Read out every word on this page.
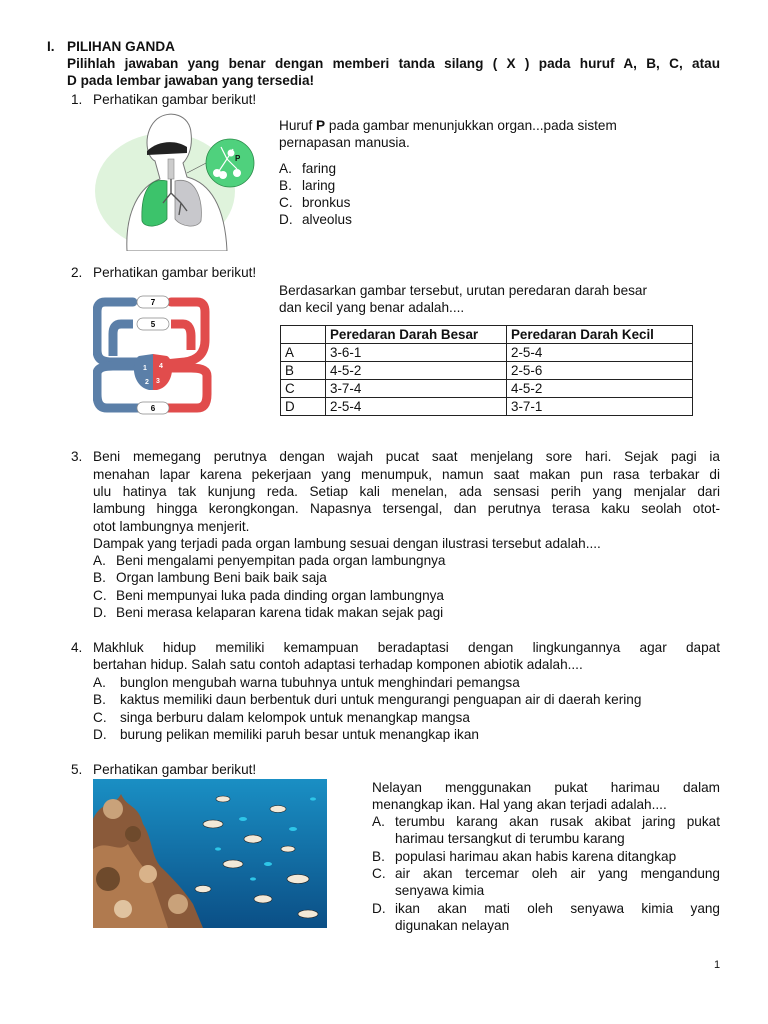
I. PILIHAN GANDA
Pilihlah jawaban yang benar dengan memberi tanda silang ( X ) pada huruf A, B, C, atau
D pada lembar jawaban yang tersedia!
1. Perhatikan gambar berikut!
P
Huruf P pada gambar menunjukkan organ...pada sistem
pernapasan manusia.
A. faring
B. laring
C. bronkus
D. alveolus
2. Perhatikan gambar berikut!
7
5
1 4
2 3
6
Berdasarkan gambar tersebut, urutan peredaran darah besar
dan kecil yang benar adalah....
	Peredaran Darah Besar	Peredaran Darah Kecil
A	3-6-1	2-5-4
B	4-5-2	2-5-6
C	3-7-4	4-5-2
D	2-5-4	3-7-1
3. Beni memegang perutnya dengan wajah pucat saat menjelang sore hari. Sejak pagi ia
menahan lapar karena pekerjaan yang menumpuk, namun saat makan pun rasa terbakar di
ulu hatinya tak kunjung reda. Setiap kali menelan, ada sensasi perih yang menjalar dari
lambung hingga kerongkongan. Napasnya tersengal, dan perutnya terasa kaku seolah otot-
otot lambungnya menjerit.
Dampak yang terjadi pada organ lambung sesuai dengan ilustrasi tersebut adalah....
A. Beni mengalami penyempitan pada organ lambungnya
B. Organ lambung Beni baik baik saja
C. Beni mempunyai luka pada dinding organ lambungnya
D. Beni merasa kelaparan karena tidak makan sejak pagi
4. Makhluk hidup memiliki kemampuan beradaptasi dengan lingkungannya agar dapat
bertahan hidup. Salah satu contoh adaptasi terhadap komponen abiotik adalah....
A. bunglon mengubah warna tubuhnya untuk menghindari pemangsa
B. kaktus memiliki daun berbentuk duri untuk mengurangi penguapan air di daerah kering
C. singa berburu dalam kelompok untuk menangkap mangsa
D. burung pelikan memiliki paruh besar untuk menangkap ikan
5. Perhatikan gambar berikut!
Nelayan menggunakan pukat harimau dalam
menangkap ikan. Hal yang akan terjadi adalah....
A. terumbu karang akan rusak akibat jaring pukat
harimau tersangkut di terumbu karang
B. populasi harimau akan habis karena ditangkap
C. air akan tercemar oleh air yang mengandung
senyawa kimia
D. ikan akan mati oleh senyawa kimia yang
digunakan nelayan
1
